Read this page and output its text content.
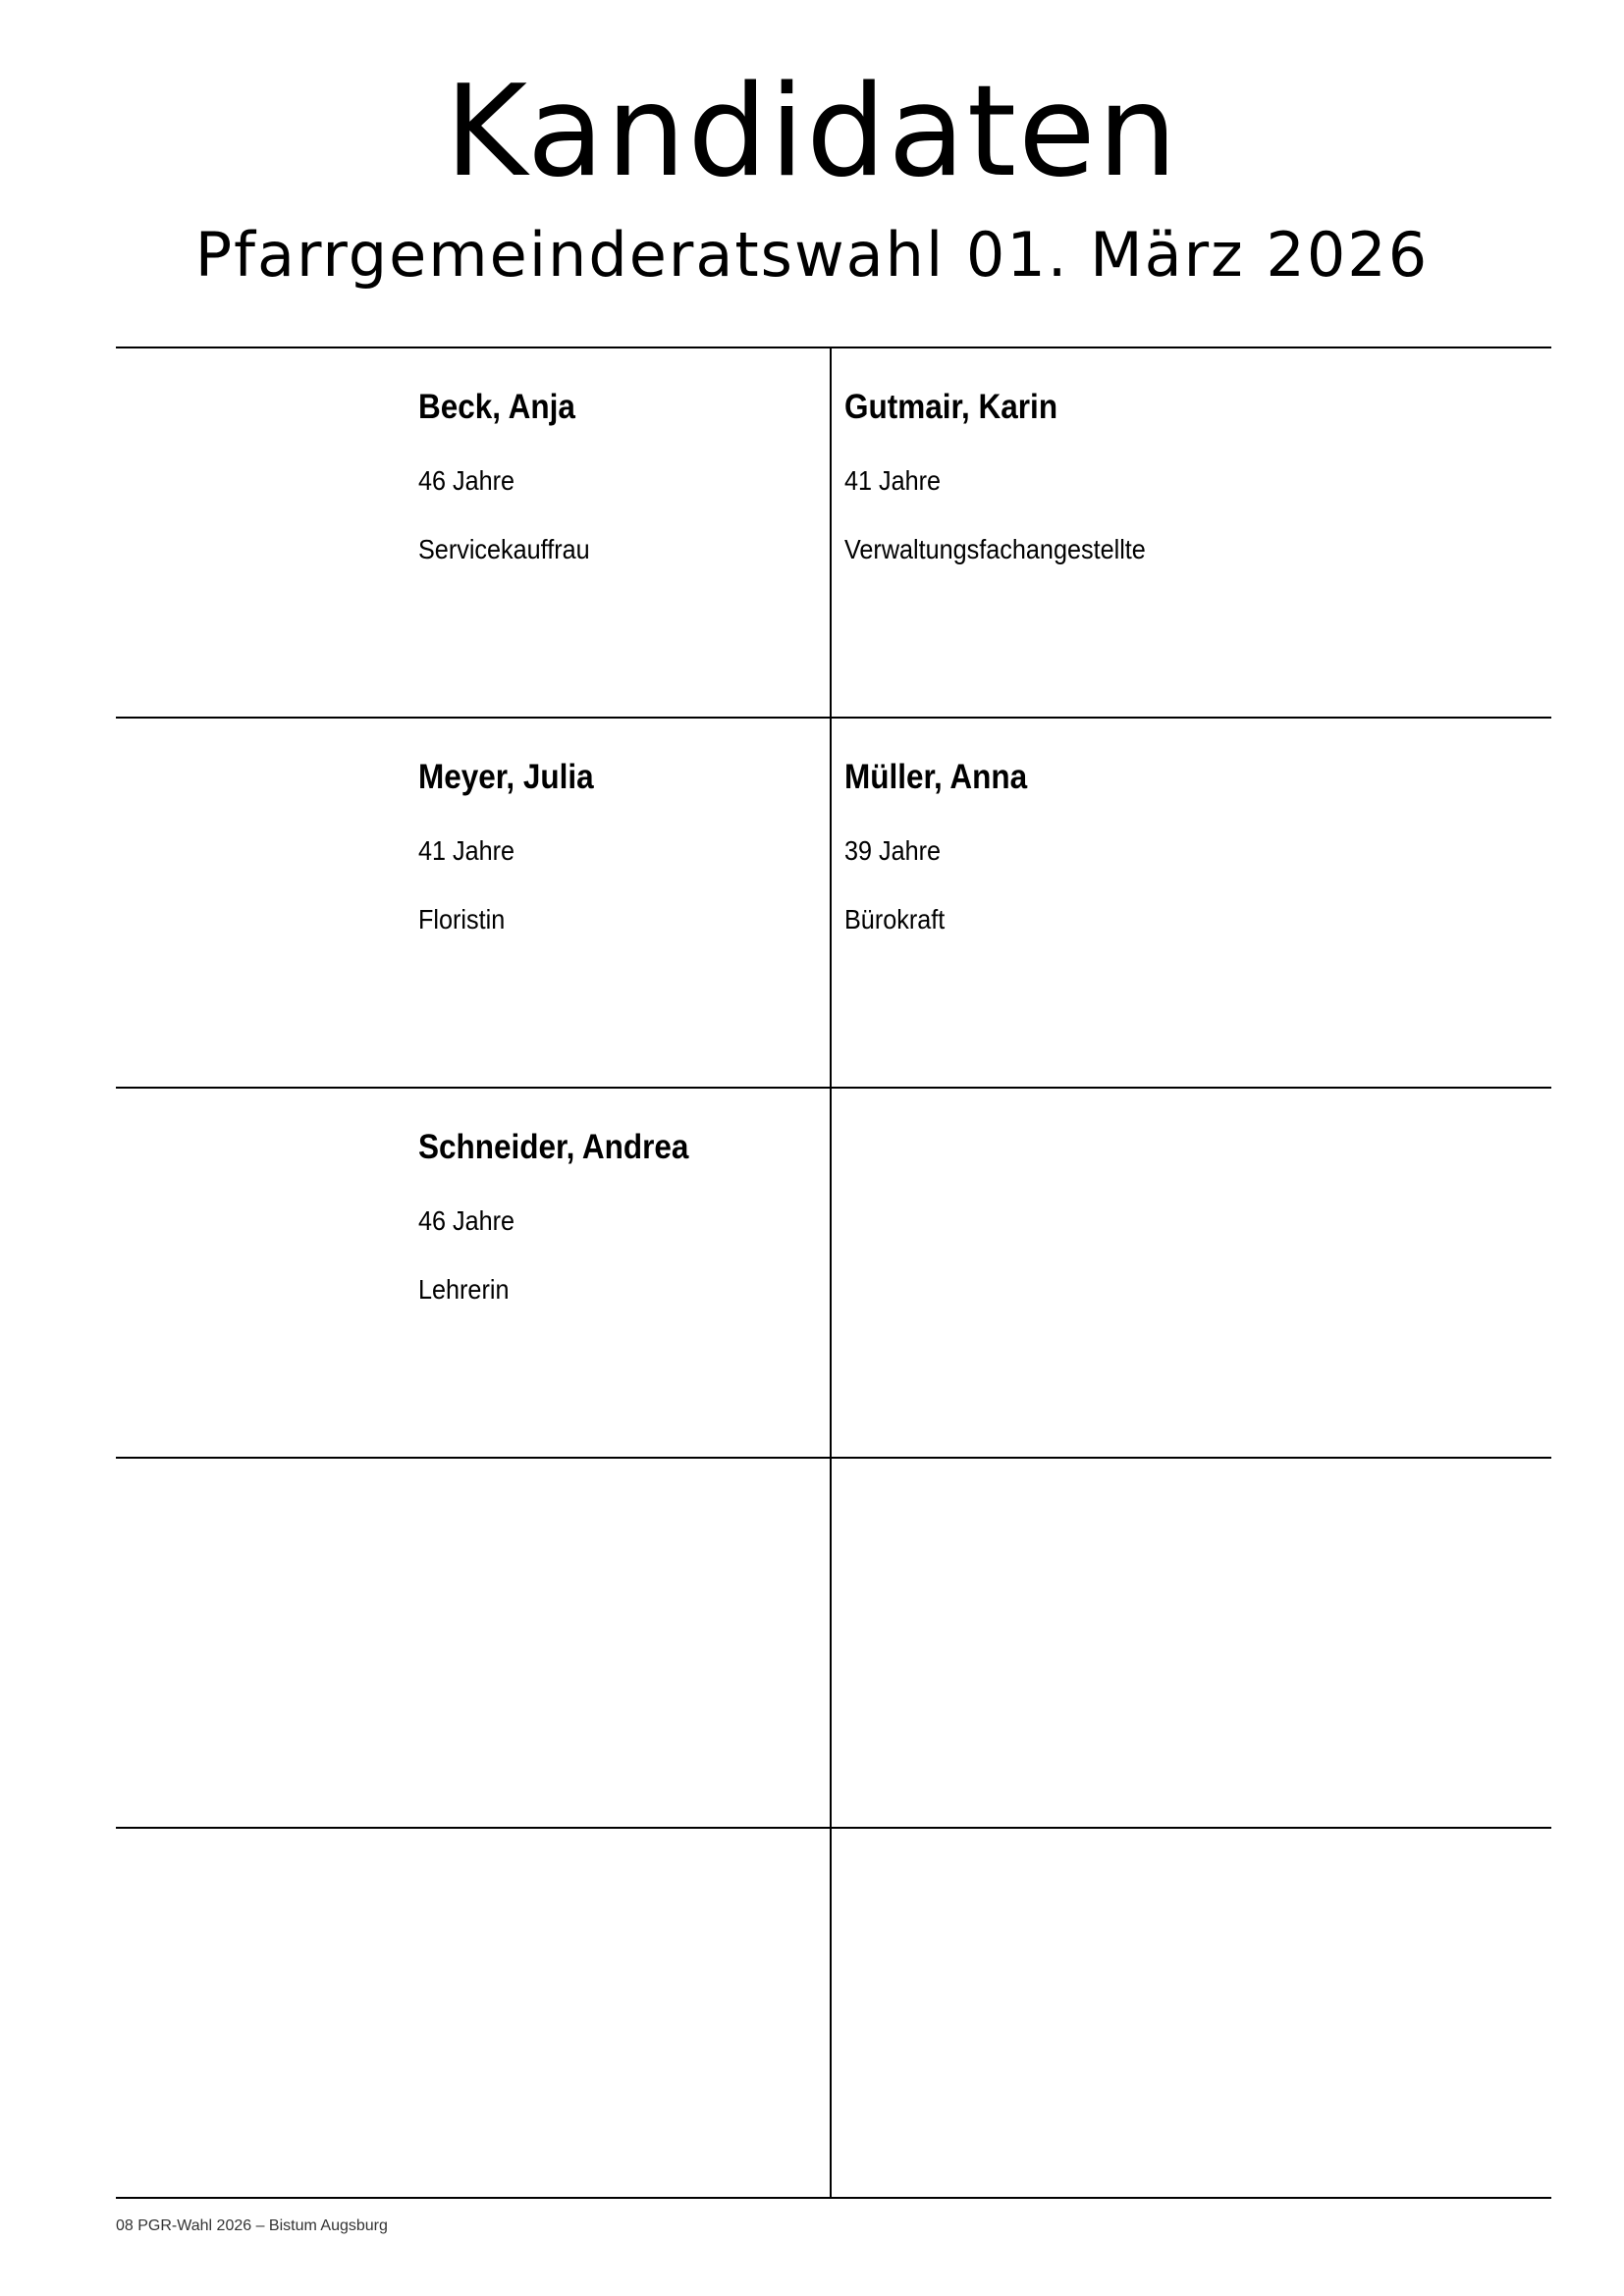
Kandidaten
Pfarrgemeinderatswahl 01. März 2026
Beck, Anja
46 Jahre
Servicekauffrau
Gutmair, Karin
41 Jahre
Verwaltungsfachangestellte
Meyer, Julia
41 Jahre
Floristin
Müller, Anna
39 Jahre
Bürokraft
Schneider, Andrea
46 Jahre
Lehrerin
08 PGR-Wahl 2026 – Bistum Augsburg
